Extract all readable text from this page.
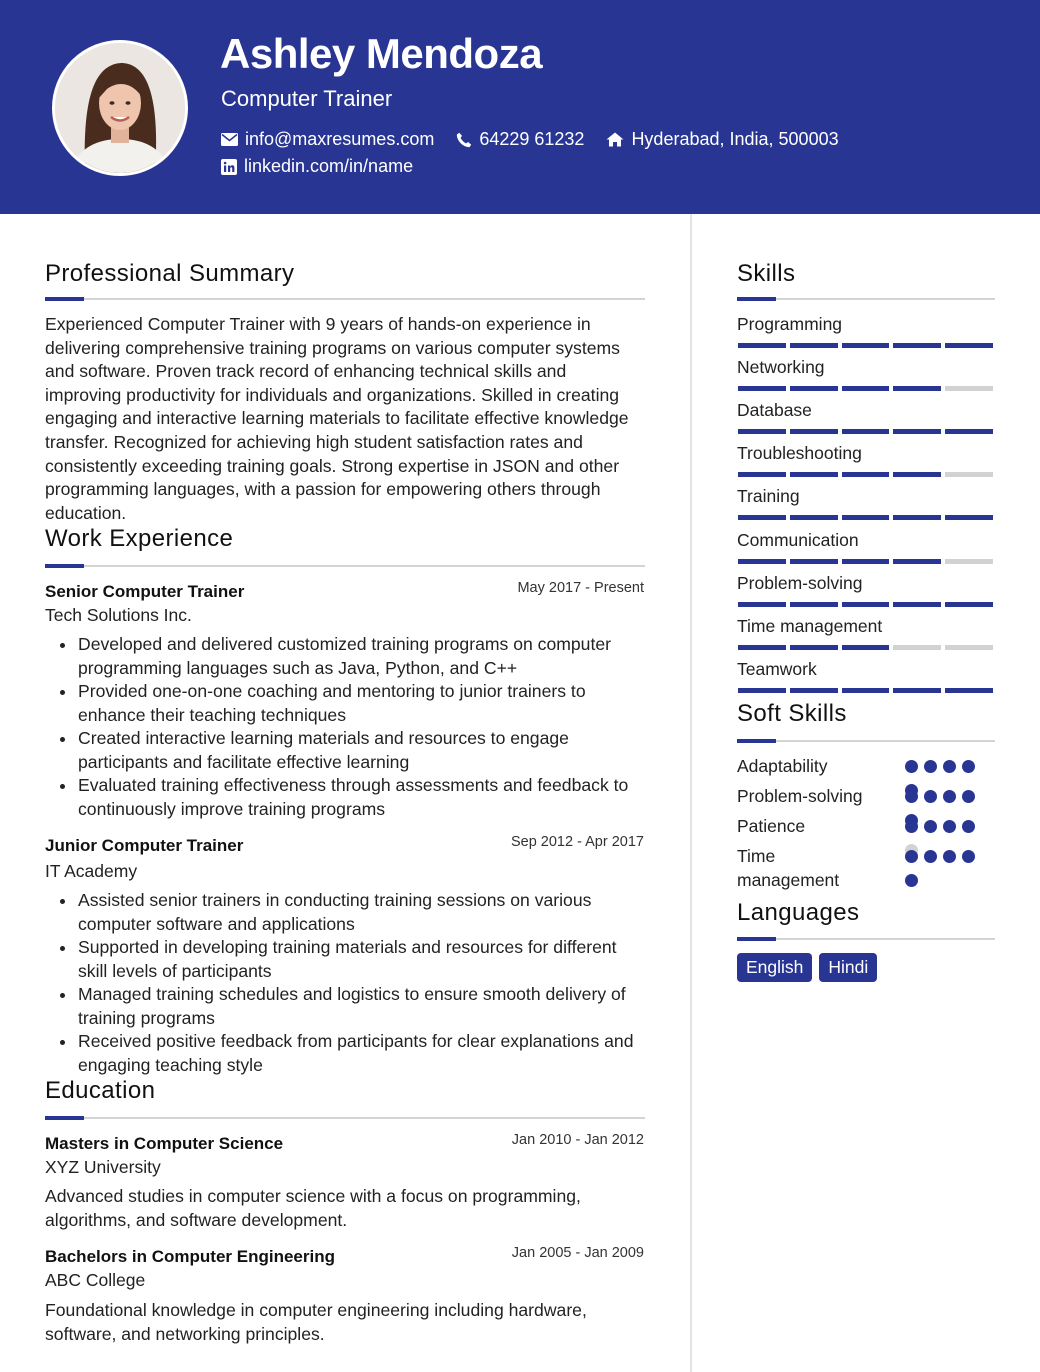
Ashley Mendoza
Computer Trainer
info@maxresumes.com	64229 61232	Hyderabad, India, 500003
linkedin.com/in/name
Professional Summary
Experienced Computer Trainer with 9 years of hands-on experience in delivering comprehensive training programs on various computer systems and software. Proven track record of enhancing technical skills and improving productivity for individuals and organizations. Skilled in creating engaging and interactive learning materials to facilitate effective knowledge transfer. Recognized for achieving high student satisfaction rates and consistently exceeding training goals. Strong expertise in JSON and other programming languages, with a passion for empowering others through education.
Work Experience
Senior Computer Trainer	May 2017 - Present
Tech Solutions Inc.
Developed and delivered customized training programs on computer programming languages such as Java, Python, and C++
Provided one-on-one coaching and mentoring to junior trainers to enhance their teaching techniques
Created interactive learning materials and resources to engage participants and facilitate effective learning
Evaluated training effectiveness through assessments and feedback to continuously improve training programs
Junior Computer Trainer	Sep 2012 - Apr 2017
IT Academy
Assisted senior trainers in conducting training sessions on various computer software and applications
Supported in developing training materials and resources for different skill levels of participants
Managed training schedules and logistics to ensure smooth delivery of training programs
Received positive feedback from participants for clear explanations and engaging teaching style
Education
Masters in Computer Science	Jan 2010 - Jan 2012
XYZ University
Advanced studies in computer science with a focus on programming, algorithms, and software development.
Bachelors in Computer Engineering	Jan 2005 - Jan 2009
ABC College
Foundational knowledge in computer engineering including hardware, software, and networking principles.
Skills
Programming
Networking
Database
Troubleshooting
Training
Communication
Problem-solving
Time management
Teamwork
Soft Skills
Adaptability
Problem-solving
Patience
Time management
Languages
English	Hindi
